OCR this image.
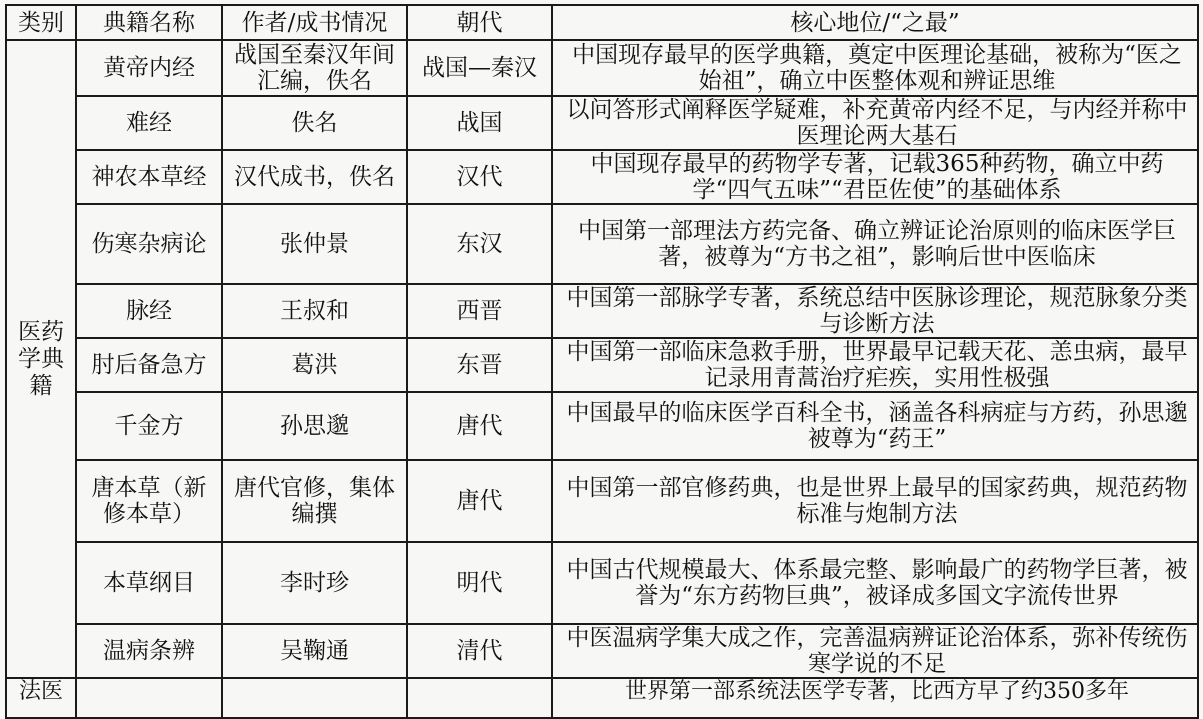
类别	典籍名称	作者/成书情况	朝代	核心地位/“之最”
医药学典籍	黄帝内经	战国至秦汉年间汇编，佚名	战国—秦汉	中国现存最早的医学典籍，奠定中医理论基础，被称为“医之始祖”，确立中医整体观和辨证思维
	难经	佚名	战国	以问答形式阐释医学疑难，补充黄帝内经不足，与内经并称中医理论两大基石
	神农本草经	汉代成书，佚名	汉代	中国现存最早的药物学专著，记载365种药物，确立中药学“四气五味”“君臣佐使”的基础体系
	伤寒杂病论	张仲景	东汉	中国第一部理法方药完备、确立辨证论治原则的临床医学巨著，被尊为“方书之祖”，影响后世中医临床
	脉经	王叔和	西晋	中国第一部脉学专著，系统总结中医脉诊理论，规范脉象分类与诊断方法
	肘后备急方	葛洪	东晋	中国第一部临床急救手册，世界最早记载天花、恙虫病，最早记录用青蒿治疗疟疾，实用性极强
	千金方	孙思邈	唐代	中国最早的临床医学百科全书，涵盖各科病症与方药，孙思邈被尊为“药王”
	唐本草（新修本草）	唐代官修，集体编撰	唐代	中国第一部官修药典，也是世界上最早的国家药典，规范药物标准与炮制方法
	本草纲目	李时珍	明代	中国古代规模最大、体系最完整、影响最广的药物学巨著，被誉为“东方药物巨典”，被译成多国文字流传世界
	温病条辨	吴鞠通	清代	中医温病学集大成之作，完善温病辨证论治体系，弥补传统伤寒学说的不足
法医				世界第一部系统法医学专著，比西方早了约350多年
